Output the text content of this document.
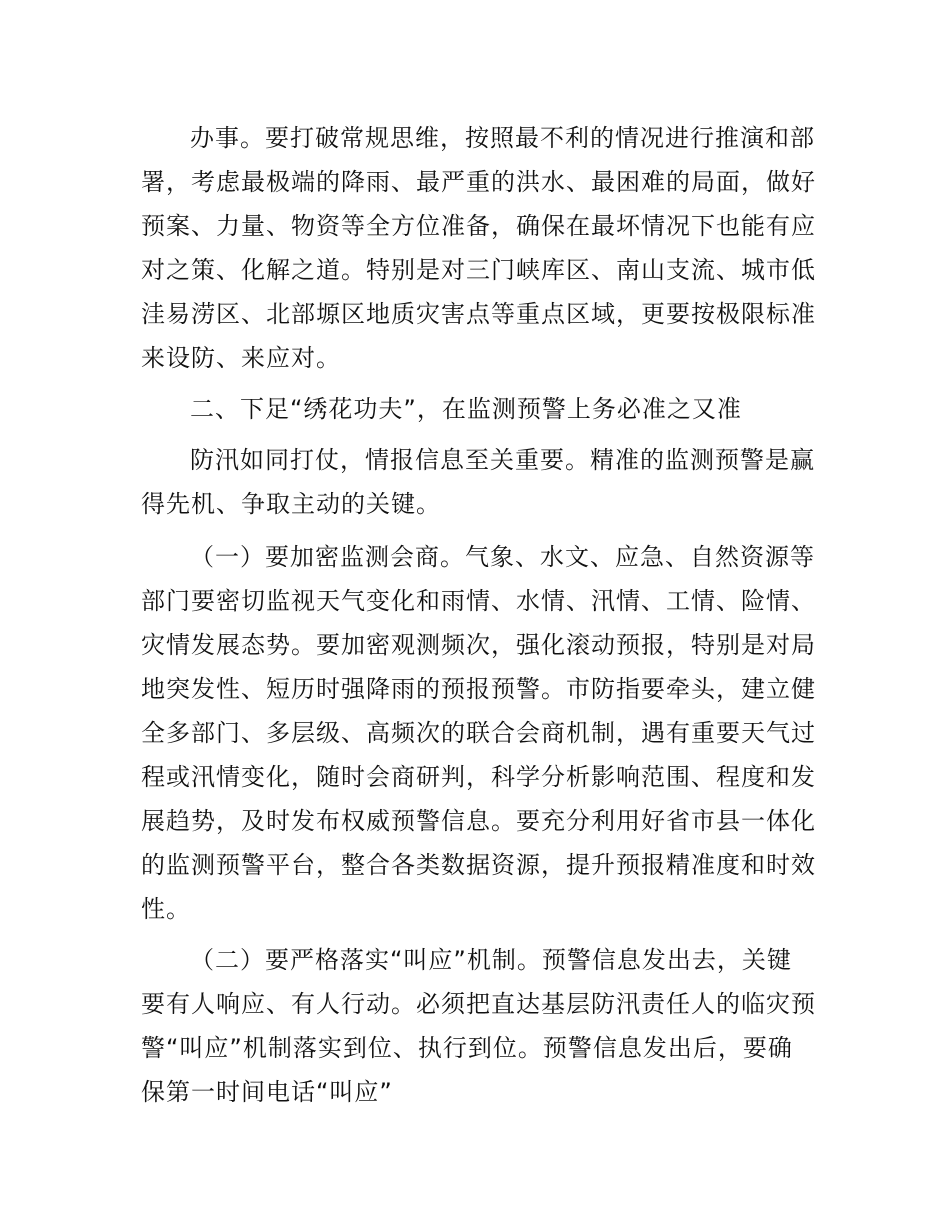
办事。要打破常规思维，按照最不利的情况进行推演和部
署，考虑最极端的降雨、最严重的洪水、最困难的局面，做好
预案、力量、物资等全方位准备，确保在最坏情况下也能有应
对之策、化解之道。特别是对三门峡库区、南山支流、城市低
洼易涝区、北部塬区地质灾害点等重点区域，更要按极限标准
来设防、来应对。
二、下足“绣花功夫”，在监测预警上务必准之又准
防汛如同打仗，情报信息至关重要。精准的监测预警是赢
得先机、争取主动的关键。
（一）要加密监测会商。气象、水文、应急、自然资源等
部门要密切监视天气变化和雨情、水情、汛情、工情、险情、
灾情发展态势。要加密观测频次，强化滚动预报，特别是对局
地突发性、短历时强降雨的预报预警。市防指要牵头，建立健
全多部门、多层级、高频次的联合会商机制，遇有重要天气过
程或汛情变化，随时会商研判，科学分析影响范围、程度和发
展趋势，及时发布权威预警信息。要充分利用好省市县一体化
的监测预警平台，整合各类数据资源，提升预报精准度和时效
性。
（二）要严格落实“叫应”机制。预警信息发出去，关键
要有人响应、有人行动。必须把直达基层防汛责任人的临灾预
警“叫应”机制落实到位、执行到位。预警信息发出后，要确
保第一时间电话“叫应”
